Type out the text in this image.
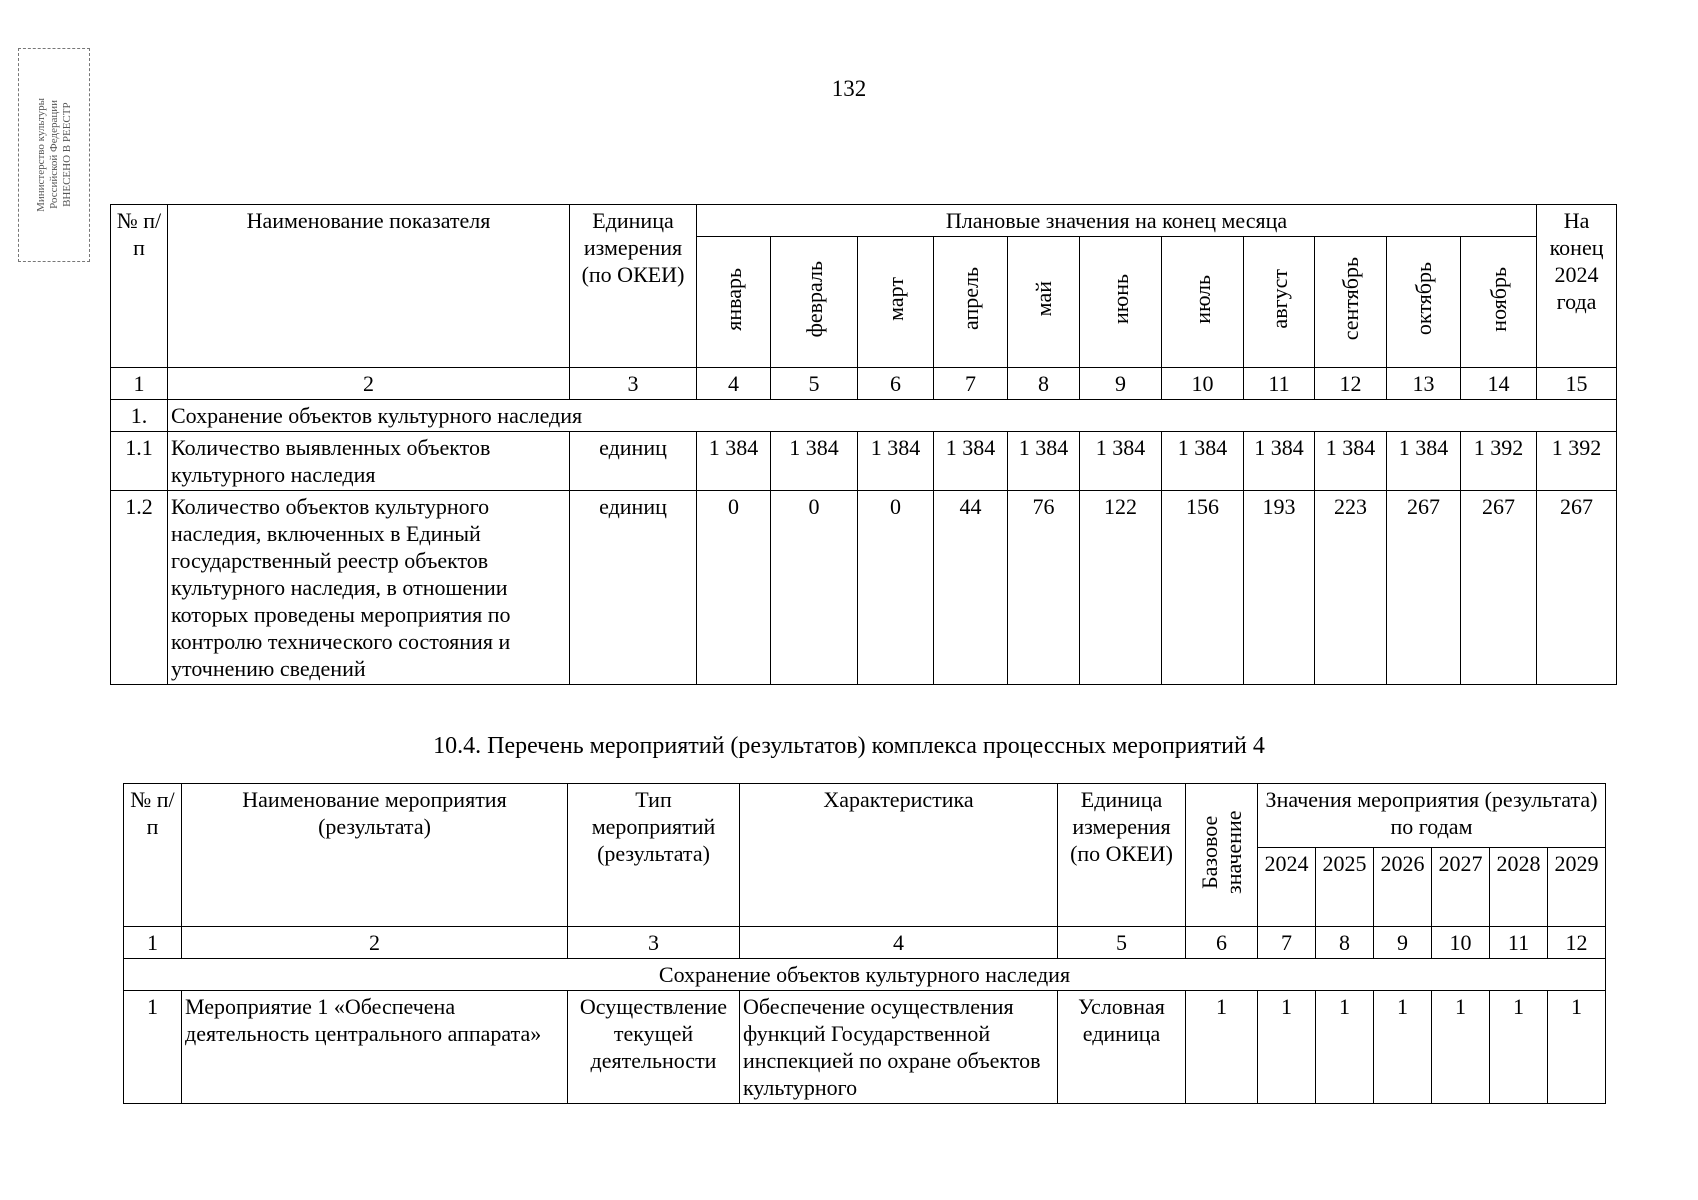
Министерство культуры
Российской Федерации
ВНЕСЕНО В РЕЕСТР
132
№ п/п	Наименование показателя	Единица измерения (по ОКЕИ)	Плановые значения на конец месяца											На конец 2024 года
			январь	февраль	март	апрель	май	июнь	июль	август	сентябрь	октябрь	ноябрь	
1	2	3	4	5	6	7	8	9	10	11	12	13	14	15
1.	Сохранение объектов культурного наследия													
1.1	Количество выявленных объектов культурного наследия	единиц	1 384	1 384	1 384	1 384	1 384	1 384	1 384	1 384	1 384	1 384	1 392	1 392
1.2	Количество объектов культурного наследия, включенных в Единый государственный реестр объектов культурного наследия, в отношении которых проведены мероприятия по контролю технического состояния и уточнению сведений	единиц	0	0	0	44	76	122	156	193	223	267	267	267
10.4. Перечень мероприятий (результатов) комплекса процессных мероприятий 4
№ п/п	Наименование мероприятия (результата)	Тип мероприятий (результата)	Характеристика	Единица измерения (по ОКЕИ)	Базовое значение	Значения мероприятия (результата) по годам					
						2024	2025	2026	2027	2028	2029
1	2	3	4	5	6	7	8	9	10	11	12
Сохранение объектов культурного наследия											
1	Мероприятие 1 «Обеспечена деятельность центрального аппарата»	Осуществление текущей деятельности	Обеспечение осуществления функций Государственной инспекцией по охране объектов культурного	Условная единица	1	1	1	1	1	1	1
